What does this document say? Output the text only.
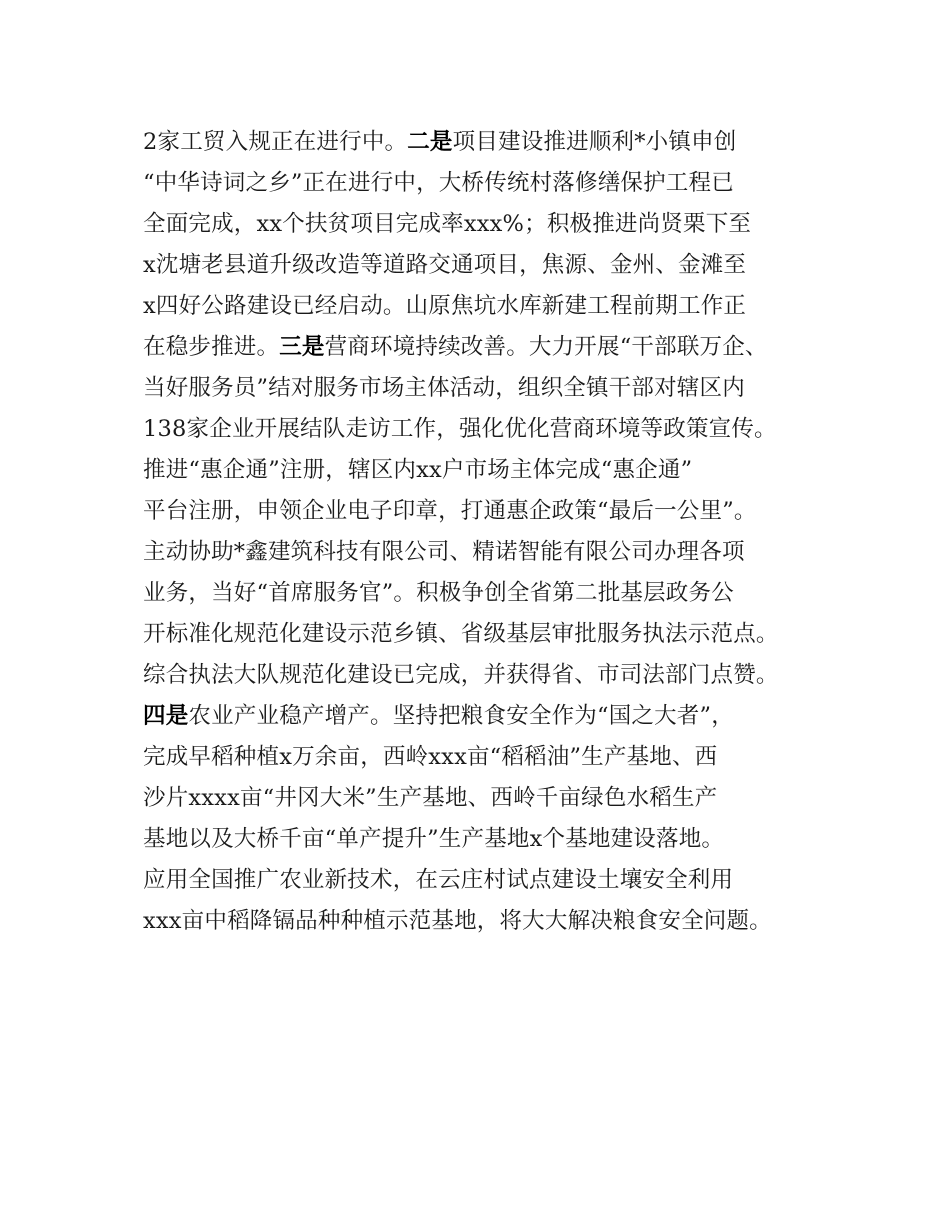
2家工贸入规正在进行中。二是项目建设推进顺利*小镇申创
“中华诗词之乡”正在进行中，大桥传统村落修缮保护工程已
全面完成，xx个扶贫项目完成率xxx%；积极推进尚贤栗下至
x沈塘老县道升级改造等道路交通项目，焦源、金州、金滩至
x四好公路建设已经启动。山原焦坑水库新建工程前期工作正
在稳步推进。三是营商环境持续改善。大力开展“干部联万企、
当好服务员”结对服务市场主体活动，组织全镇干部对辖区内
138家企业开展结队走访工作，强化优化营商环境等政策宣传。
推进“惠企通”注册，辖区内xx户市场主体完成“惠企通”
平台注册，申领企业电子印章，打通惠企政策“最后一公里”。
主动协助*鑫建筑科技有限公司、精诺智能有限公司办理各项
业务，当好“首席服务官”。积极争创全省第二批基层政务公
开标准化规范化建设示范乡镇、省级基层审批服务执法示范点。
综合执法大队规范化建设已完成，并获得省、市司法部门点赞。
四是农业产业稳产增产。坚持把粮食安全作为“国之大者”，
完成早稻种植x万余亩，西岭xxx亩“稻稻油”生产基地、西
沙片xxxx亩“井冈大米”生产基地、西岭千亩绿色水稻生产
基地以及大桥千亩“单产提升”生产基地x个基地建设落地。
应用全国推广农业新技术，在云庄村试点建设土壤安全利用
xxx亩中稻降镉品种种植示范基地，将大大解决粮食安全问题。
